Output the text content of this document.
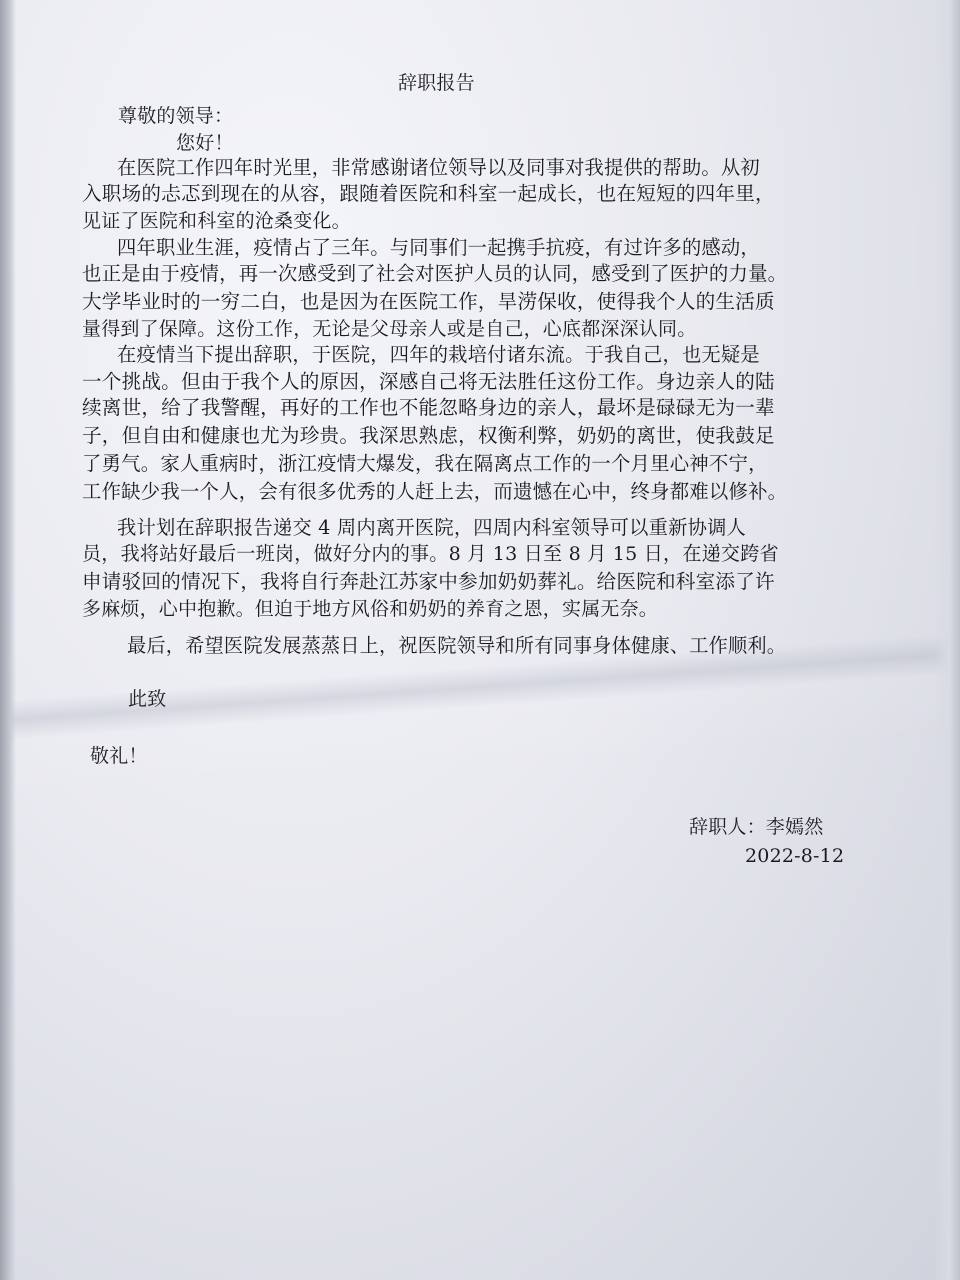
辞职报告
尊敬的领导：
您好！
在医院工作四年时光里，非常感谢诸位领导以及同事对我提供的帮助。从初
入职场的忐忑到现在的从容，跟随着医院和科室一起成长，也在短短的四年里，
见证了医院和科室的沧桑变化。
四年职业生涯，疫情占了三年。与同事们一起携手抗疫，有过许多的感动，
也正是由于疫情，再一次感受到了社会对医护人员的认同，感受到了医护的力量。
大学毕业时的一穷二白，也是因为在医院工作，旱涝保收，使得我个人的生活质
量得到了保障。这份工作，无论是父母亲人或是自己，心底都深深认同。
在疫情当下提出辞职，于医院，四年的栽培付诸东流。于我自己，也无疑是
一个挑战。但由于我个人的原因，深感自己将无法胜任这份工作。身边亲人的陆
续离世，给了我警醒，再好的工作也不能忽略身边的亲人，最坏是碌碌无为一辈
子，但自由和健康也尤为珍贵。我深思熟虑，权衡利弊，奶奶的离世，使我鼓足
了勇气。家人重病时，浙江疫情大爆发，我在隔离点工作的一个月里心神不宁，
工作缺少我一个人，会有很多优秀的人赶上去，而遗憾在心中，终身都难以修补。
我计划在辞职报告递交 4 周内离开医院，四周内科室领导可以重新协调人
员，我将站好最后一班岗，做好分内的事。8 月 13 日至 8 月 15 日，在递交跨省
申请驳回的情况下，我将自行奔赴江苏家中参加奶奶葬礼。给医院和科室添了许
多麻烦，心中抱歉。但迫于地方风俗和奶奶的养育之恩，实属无奈。
最后，希望医院发展蒸蒸日上，祝医院领导和所有同事身体健康、工作顺利。
此致
敬礼！
辞职人：李嫣然
2022-8-12
